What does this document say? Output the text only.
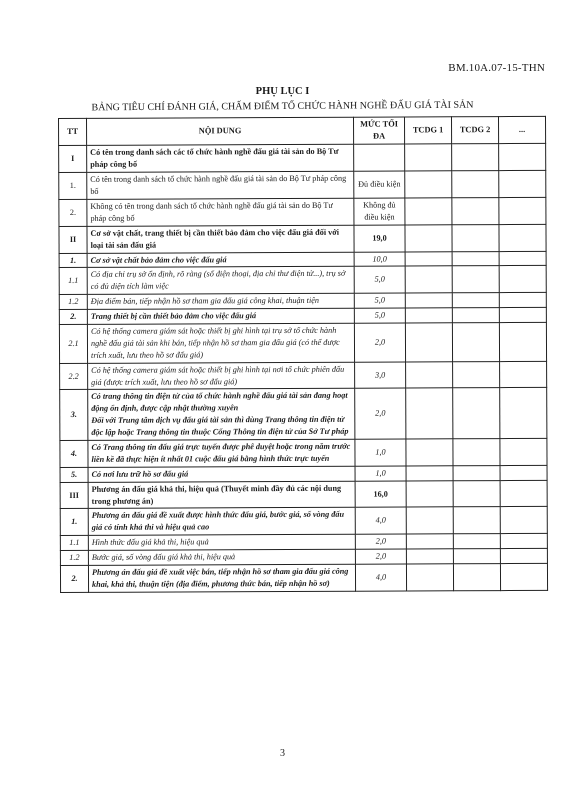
BM.10A.07-15-THN
PHỤ LỤC I
BẢNG TIÊU CHÍ ĐÁNH GIÁ, CHẤM ĐIỂM TỔ CHỨC HÀNH NGHỀ ĐẤU GIÁ TÀI SẢN
TT	NỘI DUNG	MỨC TỐI ĐA	TCDG 1	TCDG 2	...
I	Có tên trong danh sách các tổ chức hành nghề đấu giá tài sản do Bộ Tư pháp công bố				
1.	Có tên trong danh sách tổ chức hành nghề đấu giá tài sản do Bộ Tư pháp công bố	Đủ điều kiện			
2.	Không có tên trong danh sách tổ chức hành nghề đấu giá tài sản do Bộ Tư pháp công bố	Không đủ điều kiện			
II	Cơ sở vật chất, trang thiết bị cần thiết bảo đảm cho việc đấu giá đối với loại tài sản đấu giá	19,0			
1.	Cơ sở vật chất bảo đảm cho việc đấu giá	10,0			
1.1	Có địa chỉ trụ sở ổn định, rõ ràng (số điện thoại, địa chỉ thư điện tử...), trụ sở có đủ diện tích làm việc	5,0			
1.2	Địa điểm bán, tiếp nhận hồ sơ tham gia đấu giá công khai, thuận tiện	5,0			
2.	Trang thiết bị cần thiết bảo đảm cho việc đấu giá	5,0			
2.1	Có hệ thống camera giám sát hoặc thiết bị ghi hình tại trụ sở tổ chức hành nghề đấu giá tài sản khi bán, tiếp nhận hồ sơ tham gia đấu giá (có thể được trích xuất, lưu theo hồ sơ đấu giá)	2,0			
2.2	Có hệ thống camera giám sát hoặc thiết bị ghi hình tại nơi tổ chức phiên đấu giá (được trích xuất, lưu theo hồ sơ đấu giá)	3,0			
3.	Có trang thông tin điện tử của tổ chức hành nghề đấu giá tài sản đang hoạt động ổn định, được cập nhật thường xuyên
Đối với Trung tâm dịch vụ đấu giá tài sản thì dùng Trang thông tin điện tử độc lập hoặc Trang thông tin thuộc Cổng Thông tin điện tử của Sở Tư pháp	2,0			
4.	Có Trang thông tin đấu giá trực tuyến được phê duyệt hoặc trong năm trước liền kề đã thực hiện ít nhất 01 cuộc đấu giá bằng hình thức trực tuyến	1,0			
5.	Có nơi lưu trữ hồ sơ đấu giá	1,0			
III	Phương án đấu giá khả thi, hiệu quả (Thuyết minh đầy đủ các nội dung trong phương án)	16,0			
1.	Phương án đấu giá đề xuất được hình thức đấu giá, bước giá, số vòng đấu giá có tính khả thi và hiệu quả cao	4,0			
1.1	Hình thức đấu giá khả thi, hiệu quả	2,0			
1.2	Bước giá, số vòng đấu giá khả thi, hiệu quả	2,0			
2.	Phương án đấu giá đề xuất việc bán, tiếp nhận hồ sơ tham gia đấu giá công khai, khả thi, thuận tiện (địa điểm, phương thức bán, tiếp nhận hồ sơ)	4,0			
3
